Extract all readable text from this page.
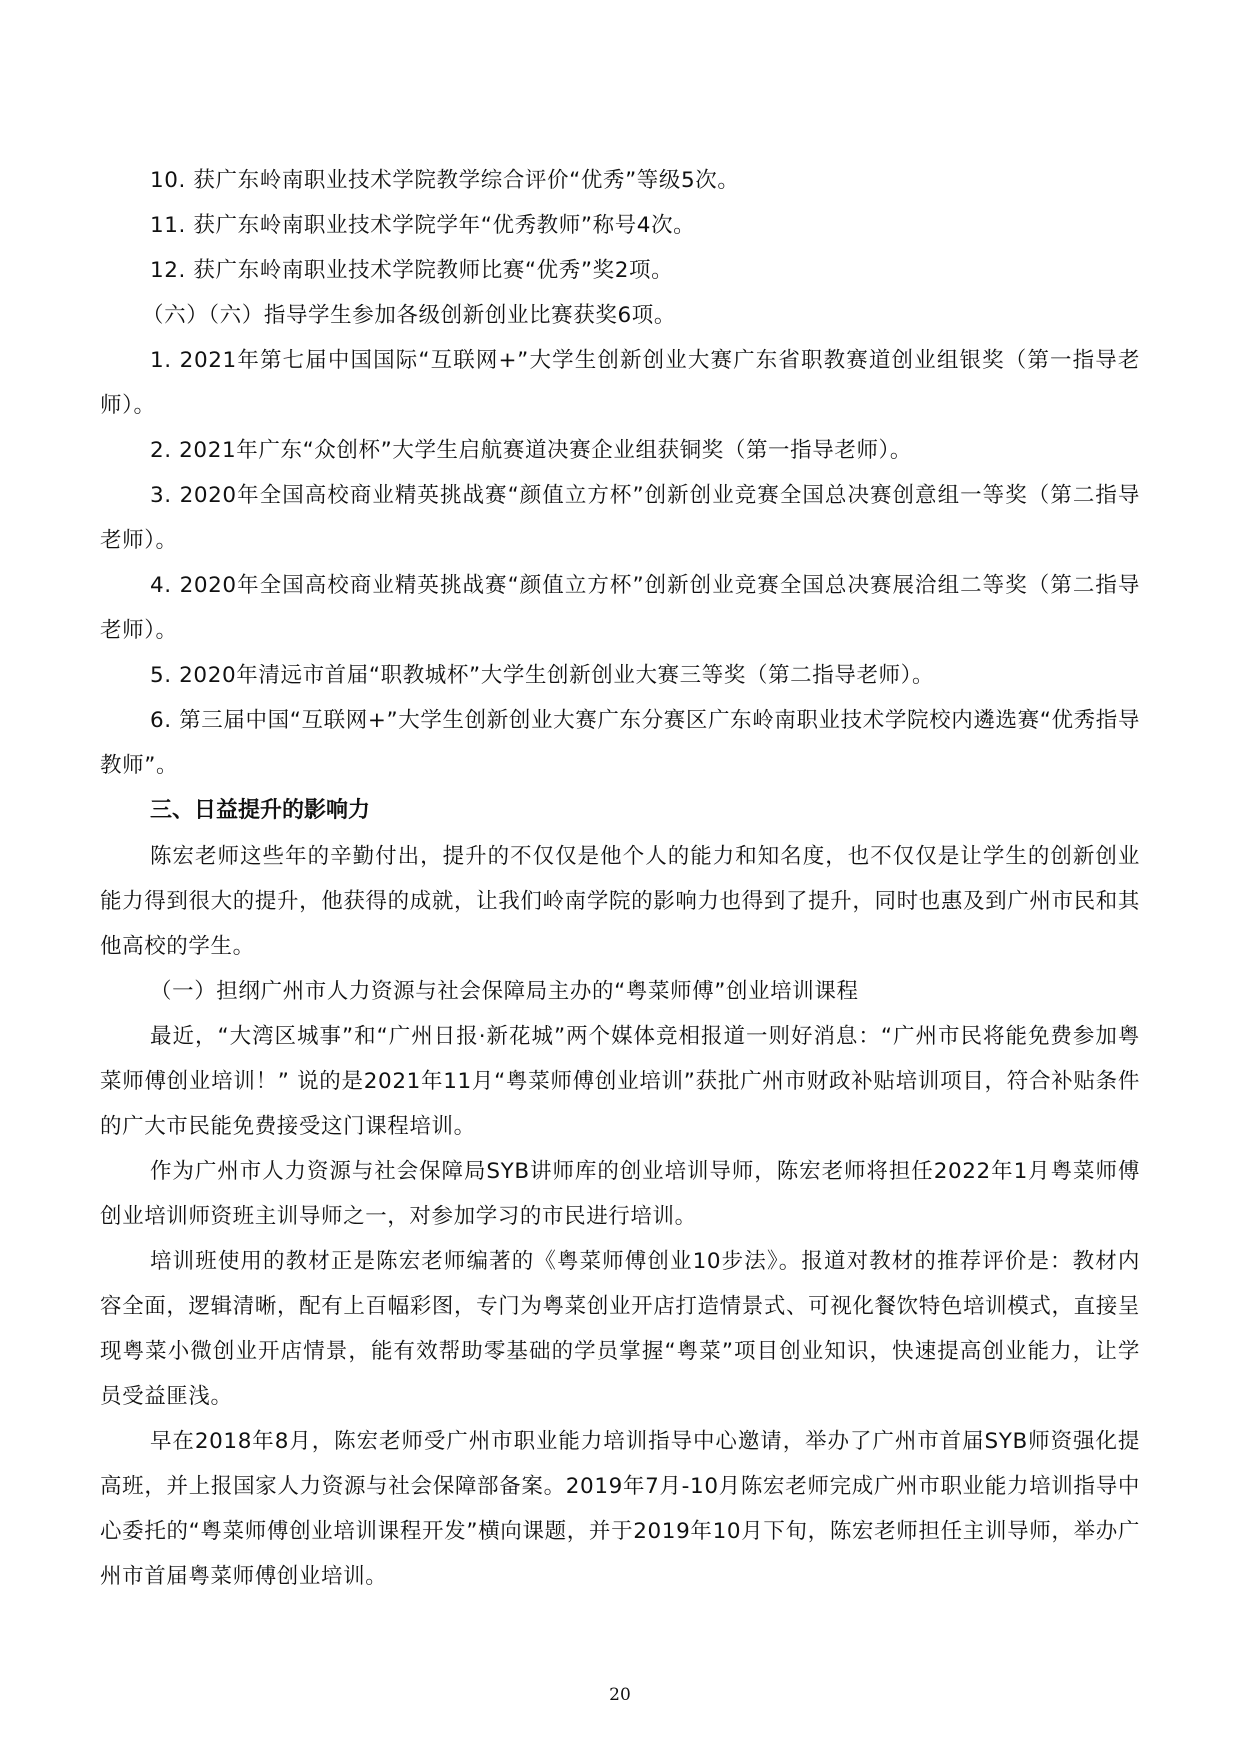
10. 获广东岭南职业技术学院教学综合评价“优秀”等级5次。

11. 获广东岭南职业技术学院学年“优秀教师”称号4次。

12. 获广东岭南职业技术学院教师比赛“优秀”奖2项。

（六）（六）指导学生参加各级创新创业比赛获奖6项。

1. 2021年第七届中国国际“互联网+”大学生创新创业大赛广东省职教赛道创业组银奖（第一指导老师）。

2. 2021年广东“众创杯”大学生启航赛道决赛企业组获铜奖（第一指导老师）。

3. 2020年全国高校商业精英挑战赛“颜值立方杯”创新创业竞赛全国总决赛创意组一等奖（第二指导老师）。

4. 2020年全国高校商业精英挑战赛“颜值立方杯”创新创业竞赛全国总决赛展洽组二等奖（第二指导老师）。

5. 2020年清远市首届“职教城杯”大学生创新创业大赛三等奖（第二指导老师）。

6. 第三届中国“互联网+”大学生创新创业大赛广东分赛区广东岭南职业技术学院校内遴选赛“优秀指导教师”。

三、日益提升的影响力

陈宏老师这些年的辛勤付出，提升的不仅仅是他个人的能力和知名度，也不仅仅是让学生的创新创业能力得到很大的提升，他获得的成就，让我们岭南学院的影响力也得到了提升，同时也惠及到广州市民和其他高校的学生。

（一）担纲广州市人力资源与社会保障局主办的“粤菜师傅”创业培训课程

最近，“大湾区城事”和“广州日报·新花城”两个媒体竞相报道一则好消息：“广州市民将能免费参加粤菜师傅创业培训！” 说的是2021年11月“粤菜师傅创业培训”获批广州市财政补贴培训项目，符合补贴条件的广大市民能免费接受这门课程培训。

作为广州市人力资源与社会保障局SYB讲师库的创业培训导师，陈宏老师将担任2022年1月粤菜师傅创业培训师资班主训导师之一，对参加学习的市民进行培训。

培训班使用的教材正是陈宏老师编著的《粤菜师傅创业10步法》。报道对教材的推荐评价是：教材内容全面，逻辑清晰，配有上百幅彩图，专门为粤菜创业开店打造情景式、可视化餐饮特色培训模式，直接呈现粤菜小微创业开店情景，能有效帮助零基础的学员掌握“粤菜”项目创业知识，快速提高创业能力，让学员受益匪浅。

早在2018年8月，陈宏老师受广州市职业能力培训指导中心邀请，举办了广州市首届SYB师资强化提高班，并上报国家人力资源与社会保障部备案。2019年7月-10月陈宏老师完成广州市职业能力培训指导中心委托的“粤菜师傅创业培训课程开发”横向课题，并于2019年10月下旬，陈宏老师担任主训导师，举办广州市首届粤菜师傅创业培训。

20
